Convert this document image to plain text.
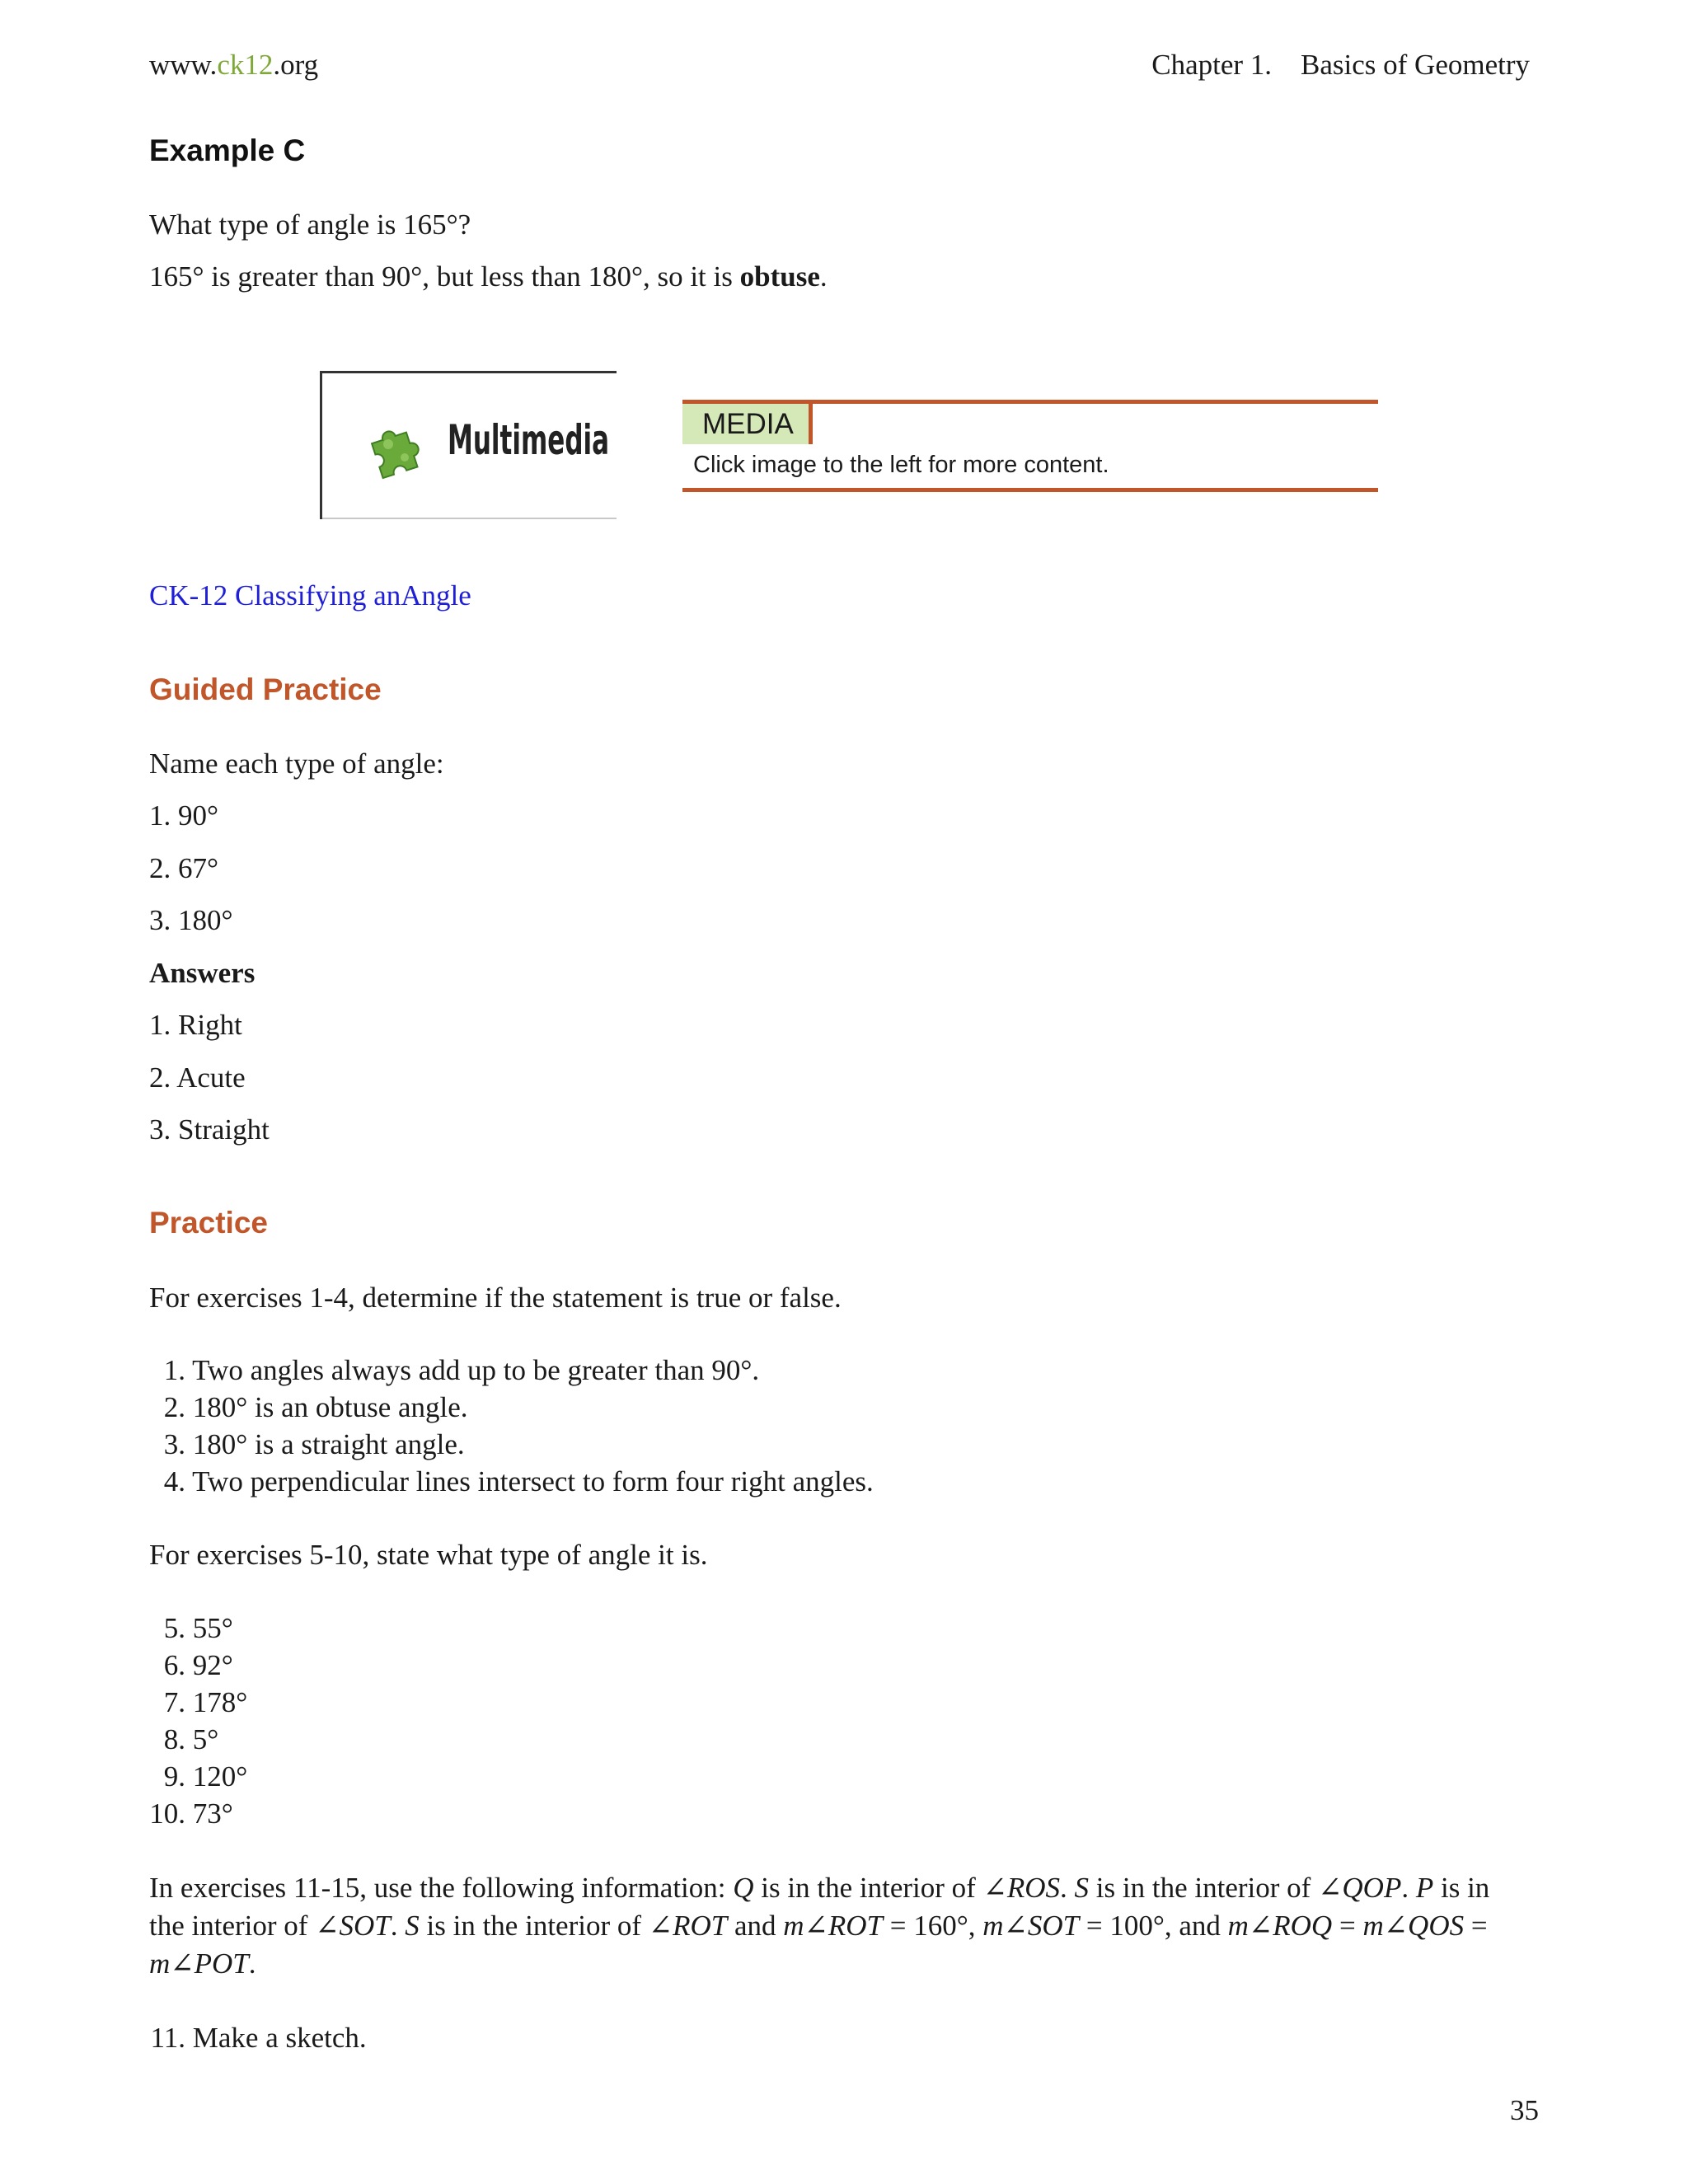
www.ck12.org	Chapter 1.    Basics of Geometry
Example C
What type of angle is 165°?
165° is greater than 90°, but less than 180°, so it is obtuse.
Multimedia	MEDIA
Click image to the left for more content.
CK-12 Classifying anAngle
Guided Practice
Name each type of angle:
1. 90°
2. 67°
3. 180°
Answers
1. Right
2. Acute
3. Straight
Practice
For exercises 1-4, determine if the statement is true or false.
1. Two angles always add up to be greater than 90°.
2. 180° is an obtuse angle.
3. 180° is a straight angle.
4. Two perpendicular lines intersect to form four right angles.
For exercises 5-10, state what type of angle it is.
5. 55°
6. 92°
7. 178°
8. 5°
9. 120°
10. 73°
In exercises 11-15, use the following information: Q is in the interior of ∠ROS. S is in the interior of ∠QOP. P is in
the interior of ∠SOT. S is in the interior of ∠ROT and m∠ROT = 160°, m∠SOT = 100°, and m∠ROQ = m∠QOS =
m∠POT.
11. Make a sketch.
35
